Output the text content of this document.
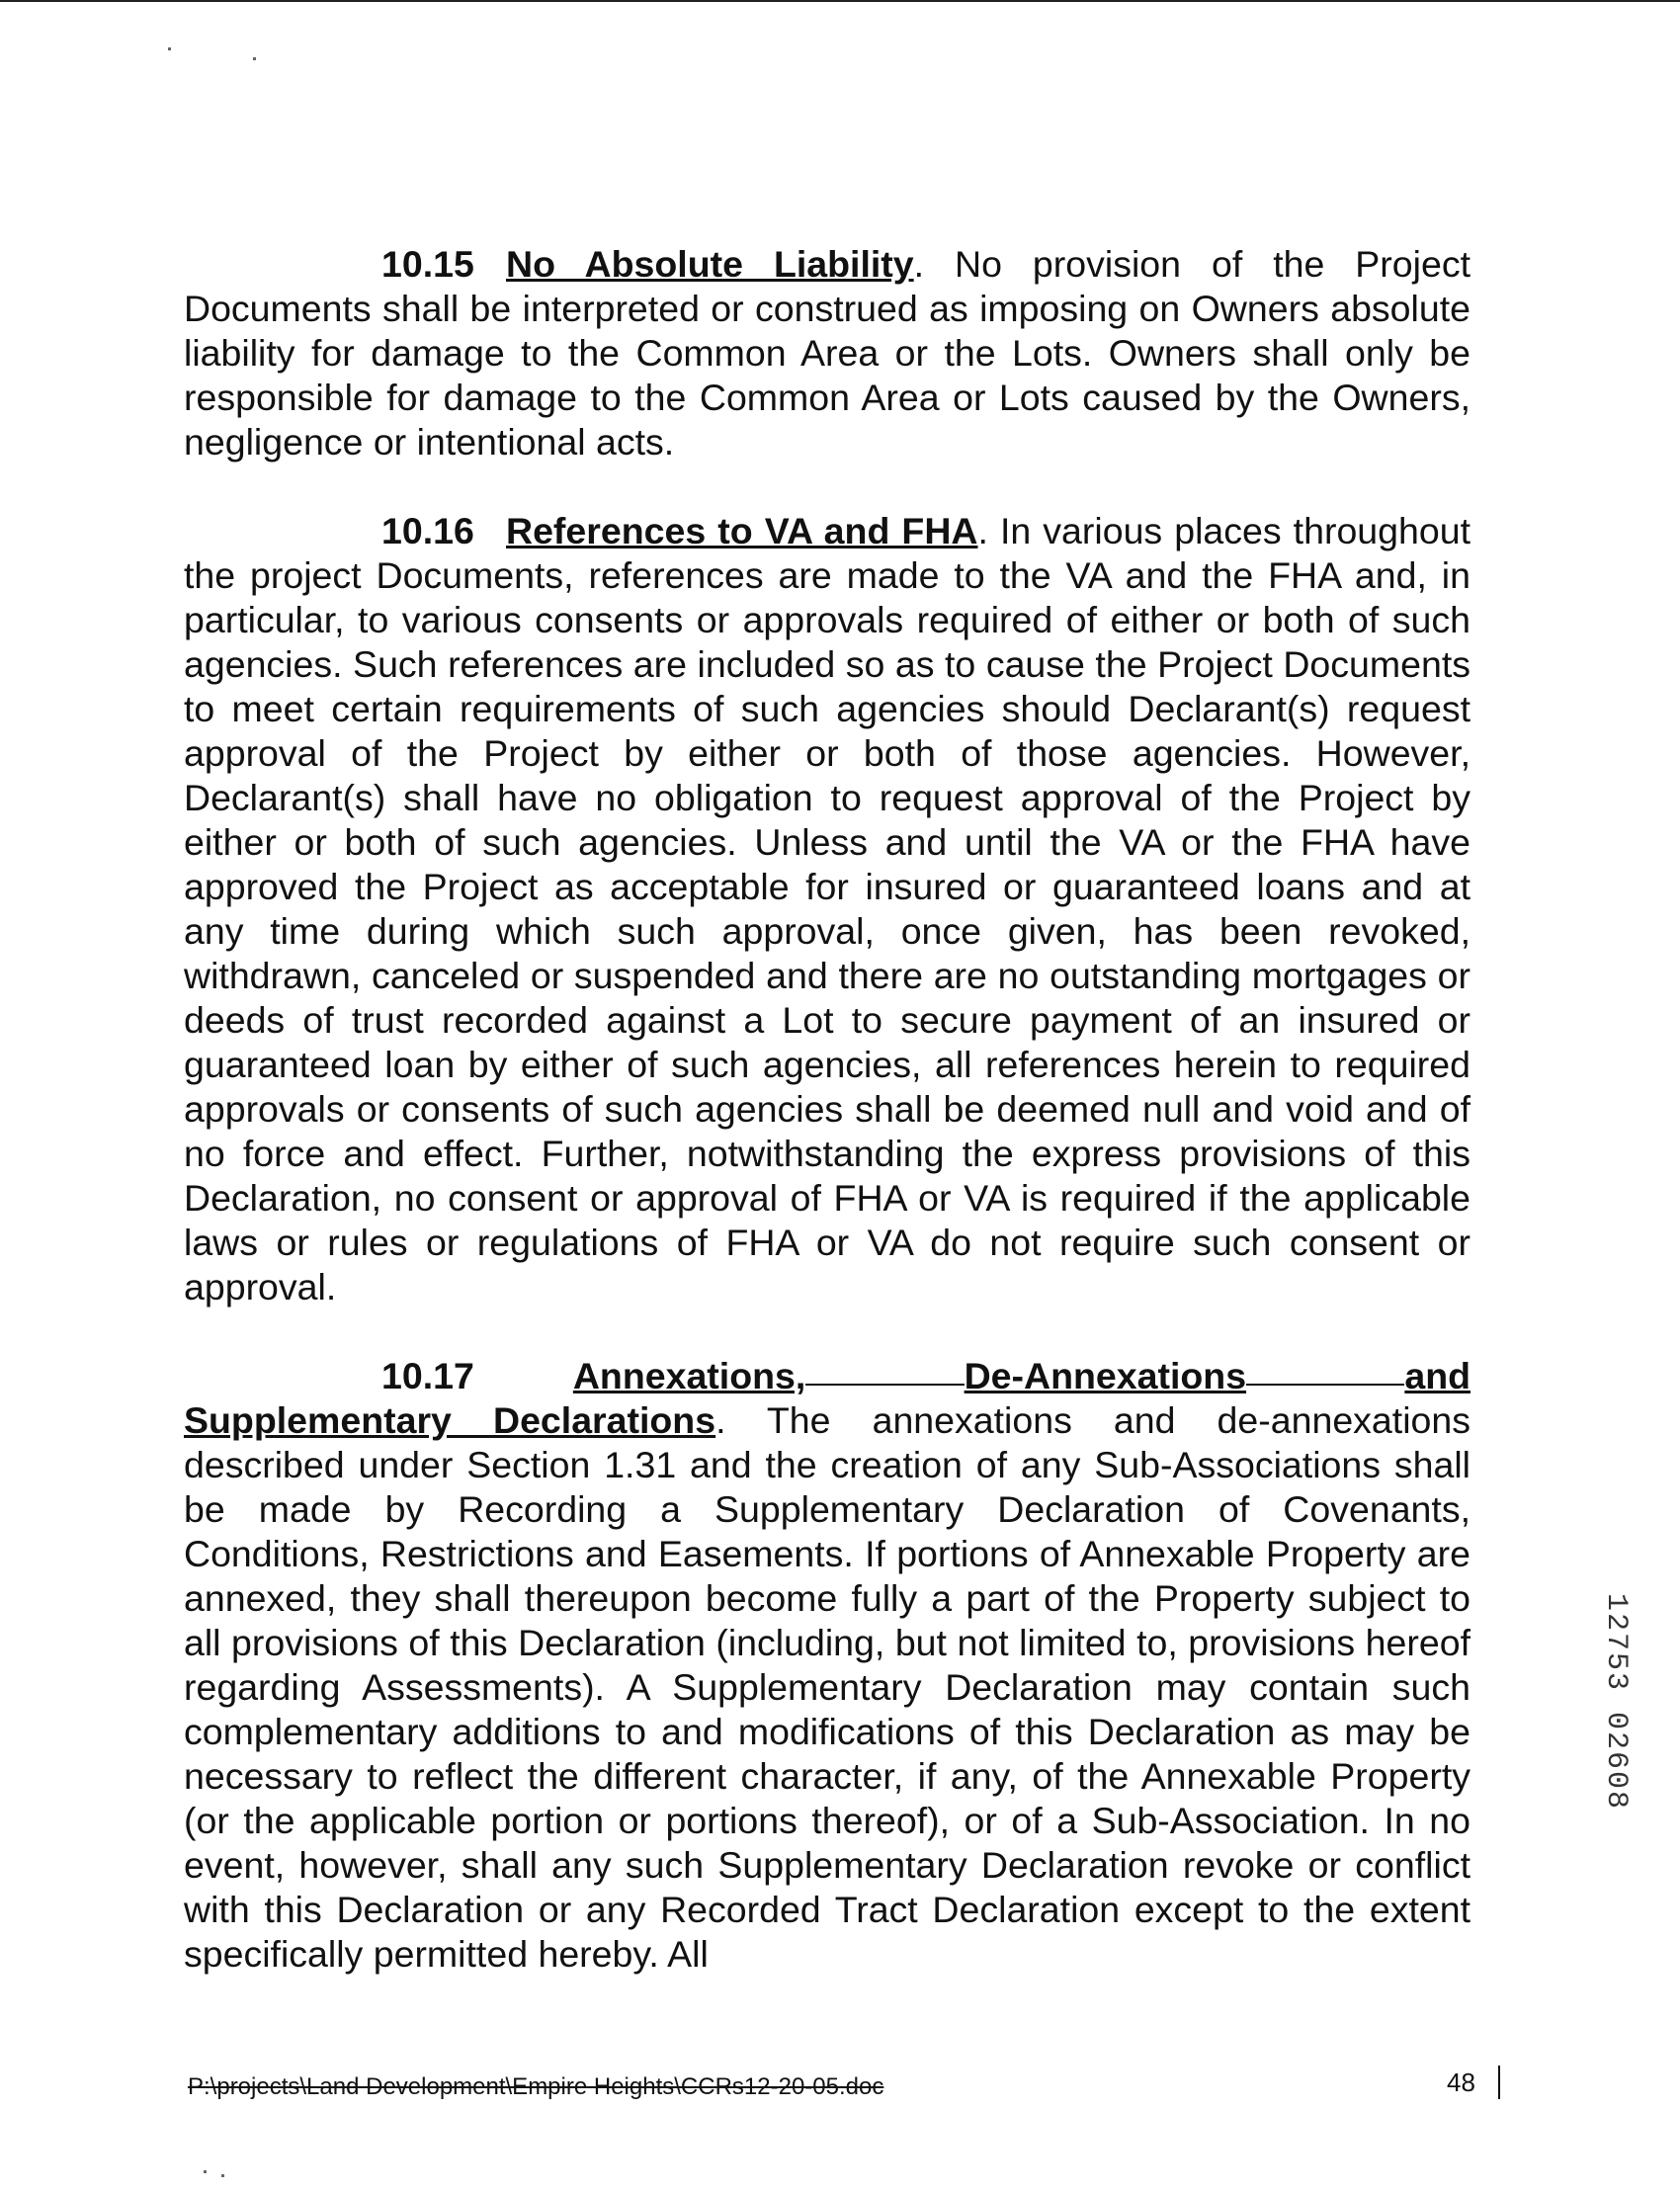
10.15 No Absolute Liability. No provision of the Project Documents shall be interpreted or construed as imposing on Owners absolute liability for damage to the Common Area or the Lots. Owners shall only be responsible for damage to the Common Area or Lots caused by the Owners, negligence or intentional acts.

10.16 References to VA and FHA. In various places throughout the project Documents, references are made to the VA and the FHA and, in particular, to various consents or approvals required of either or both of such agencies. Such references are included so as to cause the Project Documents to meet certain requirements of such agencies should Declarant(s) request approval of the Project by either or both of those agencies. However, Declarant(s) shall have no obligation to request approval of the Project by either or both of such agencies. Unless and until the VA or the FHA have approved the Project as acceptable for insured or guaranteed loans and at any time during which such approval, once given, has been revoked, withdrawn, canceled or suspended and there are no outstanding mortgages or deeds of trust recorded against a Lot to secure payment of an insured or guaranteed loan by either of such agencies, all references herein to required approvals or consents of such agencies shall be deemed null and void and of no force and effect. Further, notwithstanding the express provisions of this Declaration, no consent or approval of FHA or VA is required if the applicable laws or rules or regulations of FHA or VA do not require such consent or approval.

10.17	Annexations,	De-Annexations	and

Supplementary Declarations. The annexations and de-annexations described under Section 1.31 and the creation of any Sub-Associations shall be made by Recording a Supplementary Declaration of Covenants, Conditions, Restrictions and Easements. If portions of Annexable Property are annexed, they shall thereupon become fully a part of the Property subject to all provisions of this Declaration (including, but not limited to, provisions hereof regarding Assessments). A Supplementary Declaration may contain such complementary additions to and modifications of this Declaration as may be necessary to reflect the different character, if any, of the Annexable Property (or the applicable portion or portions thereof), or of a Sub-Association. In no event, however, shall any such Supplementary Declaration revoke or conflict with this Declaration or any Recorded Tract Declaration except to the extent specifically permitted hereby. All

12753 02608
P:\projects\Land Development\Empire Heights\CCRs12-20-05.doc	48
